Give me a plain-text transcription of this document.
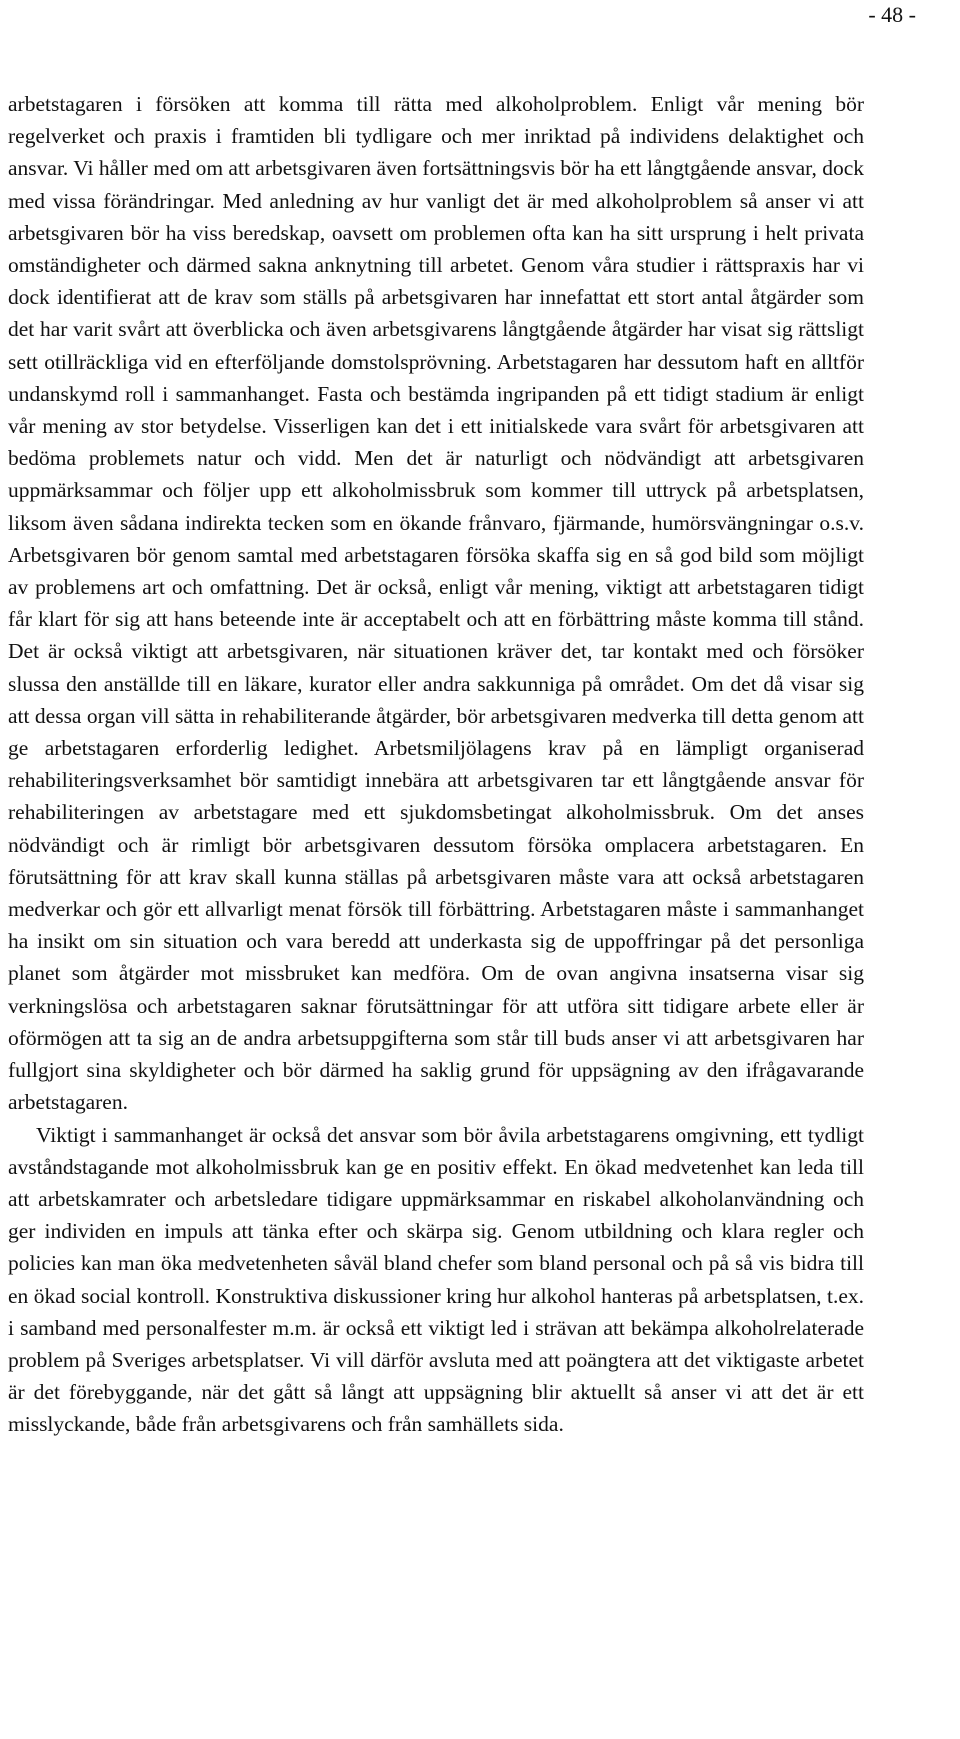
- 48 -

arbetstagaren i försöken att komma till rätta med alkoholproblem. Enligt vår mening bör regelverket och praxis i framtiden bli tydligare och mer inriktad på individens delaktighet och ansvar. Vi håller med om att arbetsgivaren även fortsättningsvis bör ha ett långtgående ansvar, dock med vissa förändringar. Med anledning av hur vanligt det är med alkoholproblem så anser vi att arbetsgivaren bör ha viss beredskap, oavsett om problemen ofta kan ha sitt ursprung i helt privata omständigheter och därmed sakna anknytning till arbetet. Genom våra studier i rättspraxis har vi dock identifierat att de krav som ställs på arbetsgivaren har innefattat ett stort antal åtgärder som det har varit svårt att överblicka och även arbetsgivarens långtgående åtgärder har visat sig rättsligt sett otillräckliga vid en efterföljande domstolsprövning. Arbetstagaren har dessutom haft en alltför undanskymd roll i sammanhanget. Fasta och bestämda ingripanden på ett tidigt stadium är enligt vår mening av stor betydelse. Visserligen kan det i ett initialskede vara svårt för arbetsgivaren att bedöma problemets natur och vidd. Men det är naturligt och nödvändigt att arbetsgivaren uppmärksammar och följer upp ett alkoholmissbruk som kommer till uttryck på arbetsplatsen, liksom även sådana indirekta tecken som en ökande frånvaro, fjärmande, humörsvängningar o.s.v. Arbetsgivaren bör genom samtal med arbetstagaren försöka skaffa sig en så god bild som möjligt av problemens art och omfattning. Det är också, enligt vår mening, viktigt att arbetstagaren tidigt får klart för sig att hans beteende inte är acceptabelt och att en förbättring måste komma till stånd. Det är också viktigt att arbetsgivaren, när situationen kräver det, tar kontakt med och försöker slussa den anställde till en läkare, kurator eller andra sakkunniga på området. Om det då visar sig att dessa organ vill sätta in rehabiliterande åtgärder, bör arbetsgivaren medverka till detta genom att ge arbetstagaren erforderlig ledighet. Arbetsmiljölagens krav på en lämpligt organiserad rehabiliteringsverksamhet bör samtidigt innebära att arbetsgivaren tar ett långtgående ansvar för rehabiliteringen av arbetstagare med ett sjukdomsbetingat alkoholmissbruk. Om det anses nödvändigt och är rimligt bör arbetsgivaren dessutom försöka omplacera arbetstagaren. En förutsättning för att krav skall kunna ställas på arbetsgivaren måste vara att också arbetstagaren medverkar och gör ett allvarligt menat försök till förbättring. Arbetstagaren måste i sammanhanget ha insikt om sin situation och vara beredd att underkasta sig de uppoffringar på det personliga planet som åtgärder mot missbruket kan medföra. Om de ovan angivna insatserna visar sig verkningslösa och arbetstagaren saknar förutsättningar för att utföra sitt tidigare arbete eller är oförmögen att ta sig an de andra arbetsuppgifterna som står till buds anser vi att arbetsgivaren har fullgjort sina skyldigheter och bör därmed ha saklig grund för uppsägning av den ifrågavarande arbetstagaren.

Viktigt i sammanhanget är också det ansvar som bör åvila arbetstagarens omgivning, ett tydligt avståndstagande mot alkoholmissbruk kan ge en positiv effekt. En ökad medvetenhet kan leda till att arbetskamrater och arbetsledare tidigare uppmärksammar en riskabel alkoholanvändning och ger individen en impuls att tänka efter och skärpa sig. Genom utbildning och klara regler och policies kan man öka medvetenheten såväl bland chefer som bland personal och på så vis bidra till en ökad social kontroll. Konstruktiva diskussioner kring hur alkohol hanteras på arbetsplatsen, t.ex. i samband med personalfester m.m. är också ett viktigt led i strävan att bekämpa alkoholrelaterade problem på Sveriges arbetsplatser. Vi vill därför avsluta med att poängtera att det viktigaste arbetet är det förebyggande, när det gått så långt att uppsägning blir aktuellt så anser vi att det är ett misslyckande, både från arbetsgivarens och från samhällets sida.
